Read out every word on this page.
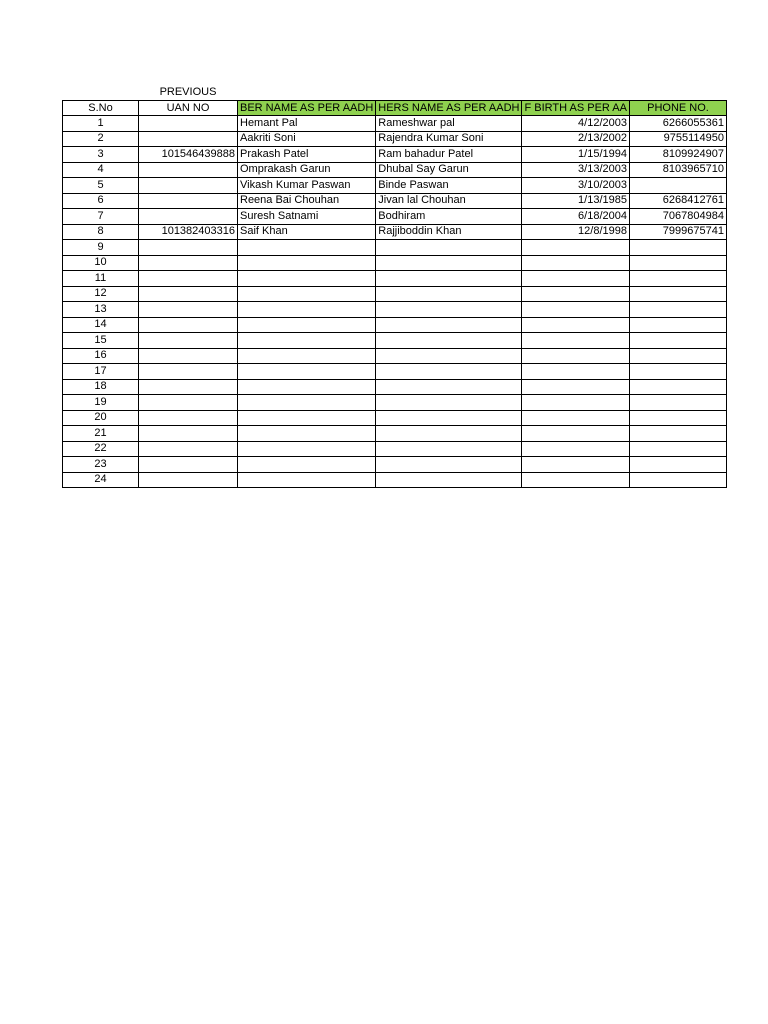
PREVIOUS
S.No	UAN NO	BER NAME AS PER AADH	HERS NAME AS PER AADH	F BIRTH AS PER AA	PHONE NO.
1		Hemant Pal	Rameshwar pal	4/12/2003	6266055361
2		Aakriti Soni	Rajendra Kumar Soni	2/13/2002	9755114950
3	101546439888	Prakash Patel	Ram bahadur Patel	1/15/1994	8109924907
4		Omprakash Garun	Dhubal Say Garun	3/13/2003	8103965710
5		Vikash Kumar Paswan	Binde Paswan	3/10/2003	
6		Reena Bai Chouhan	Jivan lal Chouhan	1/13/1985	6268412761
7		Suresh Satnami	Bodhiram	6/18/2004	7067804984
8	101382403316	Saif Khan	Rajjiboddin Khan	12/8/1998	7999675741
9					
10					
11					
12					
13					
14					
15					
16					
17					
18					
19					
20					
21					
22					
23					
24					
